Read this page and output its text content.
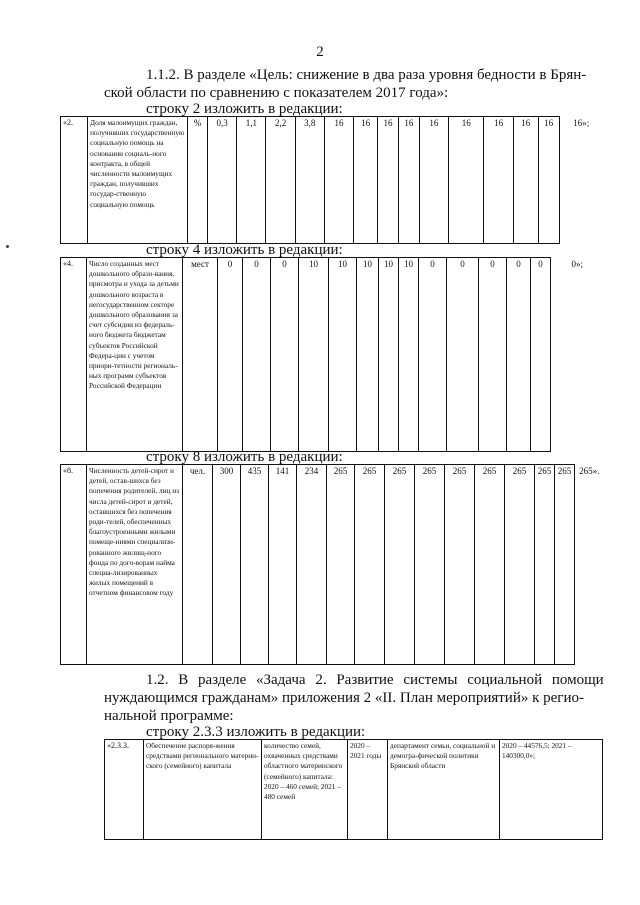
2
1.1.2. В разделе «Цель: снижение в два раза уровня бедности в Брян-
ской области по сравнению с показателем 2017 года»:
строку 2 изложить в редакции:
«2.	Доля малоимущих граждан, получивших государственную социальную помощь на основании социаль-ного контракта, в общей численности малоимущих граждан, получивших государ-ственную социальную помощь	%	0,3	1,1	2,2	3,8	16	16	16	16	16	16	16	16	16	16»;
строку 4 изложить в редакции:
«4.	Число созданных мест дошкольного образо-вания, присмотра и ухода за детьми дошкольного возраста в негосударственном секторе дошкольного образования за счет субсидии из федераль-ного бюджета бюджетам субъектов Российской Федера-ции с учетом приори-тетности региональ-ных программ субъектов Российской Федерации	мест	0	0	0	10	10	10	10	10	0	0	0	0	0	0»;
строку 8 изложить в редакции:
«8.	Численность детей-сирот и детей, остав-шихся без попечения родителей, лиц из числа детей-сирот и детей, оставшихся без попечения роди-телей, обеспеченных благоустроенными жилыми помеще-ниями специализи-рованного жилищ-ного фонда по дого-ворам найма специа-лизированных жилых помещений в отчетном финансовом году	чел.	300	435	141	234	265	265	265	265	265	265	265	265	265	265».
1.2. В разделе «Задача 2. Развитие системы социальной помощи
нуждающимся гражданам» приложения 2 «II. План мероприятий» к регио-
нальной программе:
строку 2.3.3 изложить в редакции:
«2.3.3.	Обеспечение распоря-жения средствами регионального материн-ского (семейного) капитала	количество семей, охваченных средствами областного материнского (семейного) капитала: 2020 – 460 семей; 2021 – 480 семей	2020 – 2021 годы	департамент семьи, социальной и демогра-фической политики Брянской области	2020 – 44576,5; 2021 – 140300,0»;
